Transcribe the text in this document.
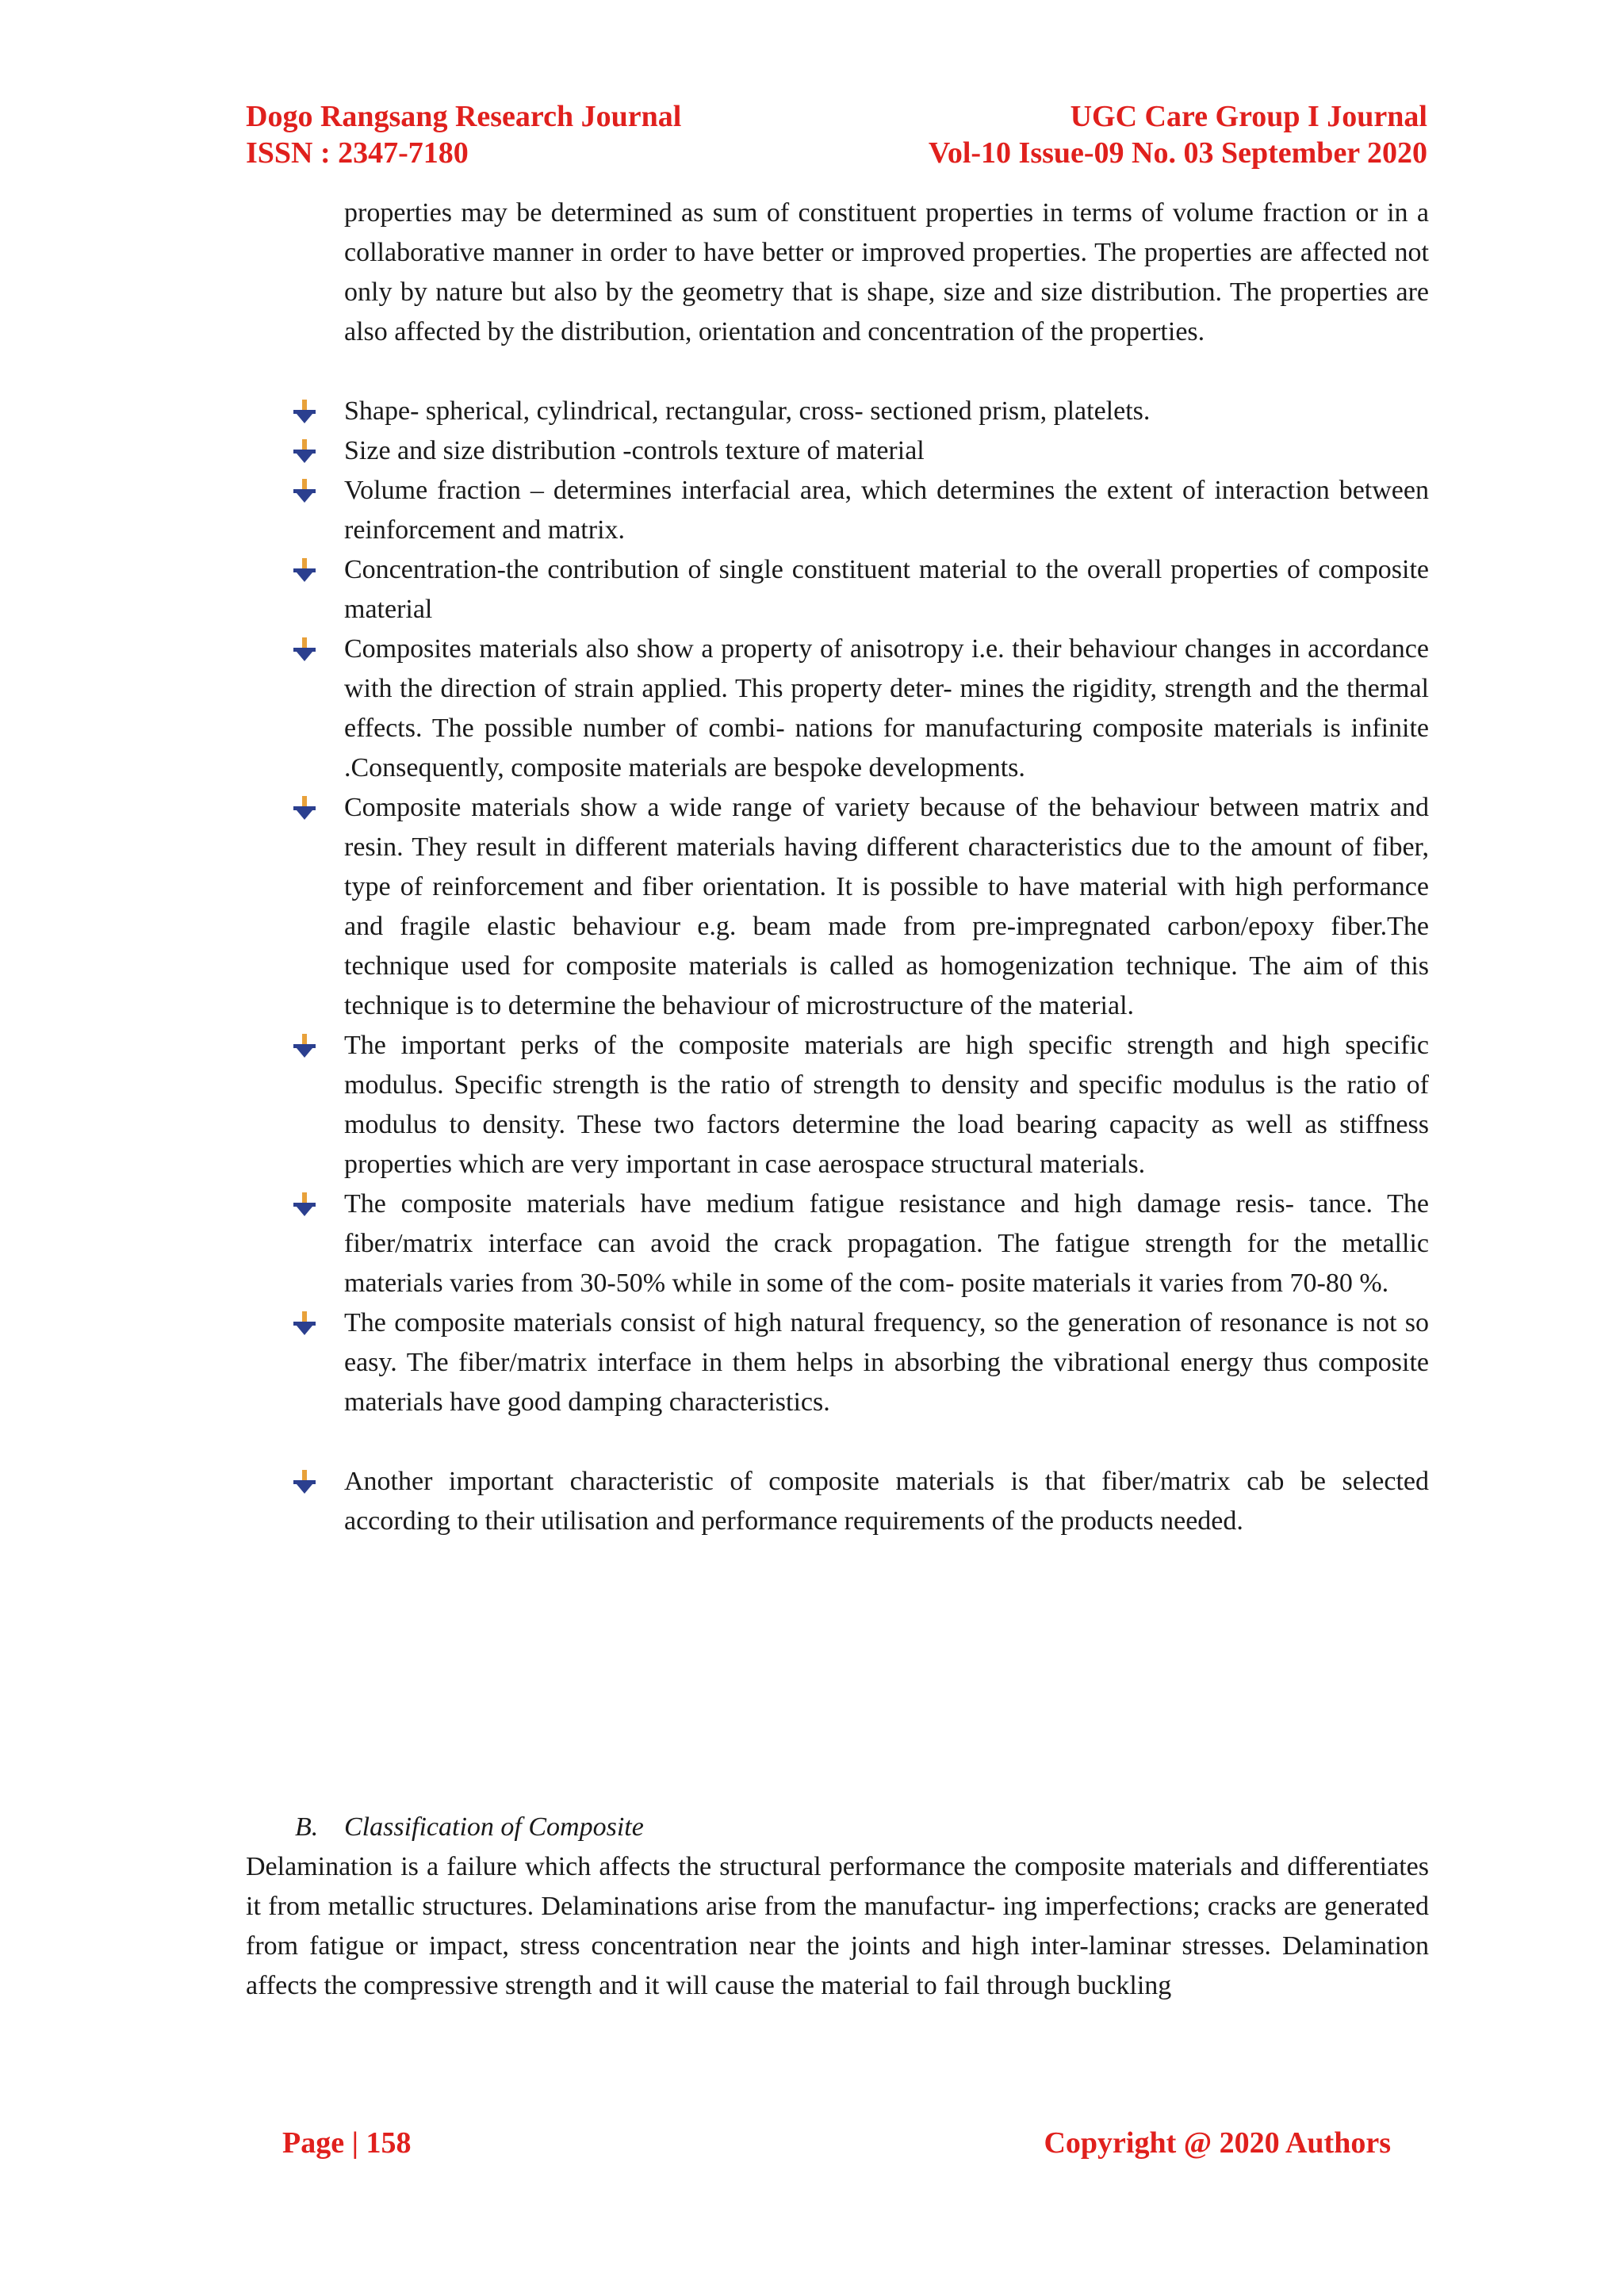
Dogo Rangsang Research Journal	UGC Care Group I Journal
ISSN : 2347-7180	Vol-10 Issue-09 No. 03 September 2020
properties may be determined as sum of constituent properties in terms of volume fraction or in a collaborative manner in order to have better or improved properties. The properties are affected not only by nature but also by the geometry that is shape, size and size distribution. The properties are also affected by the distribution, orientation and concentration of the properties.
Shape- spherical, cylindrical, rectangular, cross- sectioned prism, platelets.
Size and size distribution -controls texture of material
Volume fraction – determines interfacial area, which determines the extent of interaction between reinforcement and matrix.
Concentration-the contribution of single constituent material to the overall properties of composite material
Composites materials also show a property of anisotropy i.e. their behaviour changes in accordance with the direction of strain applied. This property deter- mines the rigidity, strength and the thermal effects. The possible number of combi- nations for manufacturing composite materials is infinite .Consequently, composite materials are bespoke developments.
Composite materials show a wide range of variety because of the behaviour between matrix and resin. They result in different materials having different characteristics due to the amount of fiber, type of reinforcement and fiber orientation. It is possible to have material with high performance and fragile elastic behaviour e.g. beam made from pre-impregnated carbon/epoxy fiber.The technique used for composite materials is called as homogenization technique. The aim of this technique is to determine the behaviour of microstructure of the material.
The important perks of the composite materials are high specific strength and high specific modulus. Specific strength is the ratio of strength to density and specific modulus is the ratio of modulus to density. These two factors determine the load bearing capacity as well as stiffness properties which are very important in case aerospace structural materials.
The composite materials have medium fatigue resistance and high damage resis- tance. The fiber/matrix interface can avoid the crack propagation. The fatigue strength for the metallic materials varies from 30-50% while in some of the com- posite materials it varies from 70-80 %.
The composite materials consist of high natural frequency, so the generation of resonance is not so easy. The fiber/matrix interface in them helps in absorbing the vibrational energy thus composite materials have good damping characteristics.
Another important characteristic of composite materials is that fiber/matrix cab be selected according to their utilisation and performance requirements of the products needed.
B. Classification of Composite
Delamination is a failure which affects the structural performance the composite materials and differentiates it from metallic structures. Delaminations arise from the manufactur- ing imperfections; cracks are generated from fatigue or impact, stress concentration near the joints and high inter-laminar stresses. Delamination affects the compressive strength and it will cause the material to fail through buckling
Page | 158	Copyright @ 2020 Authors
